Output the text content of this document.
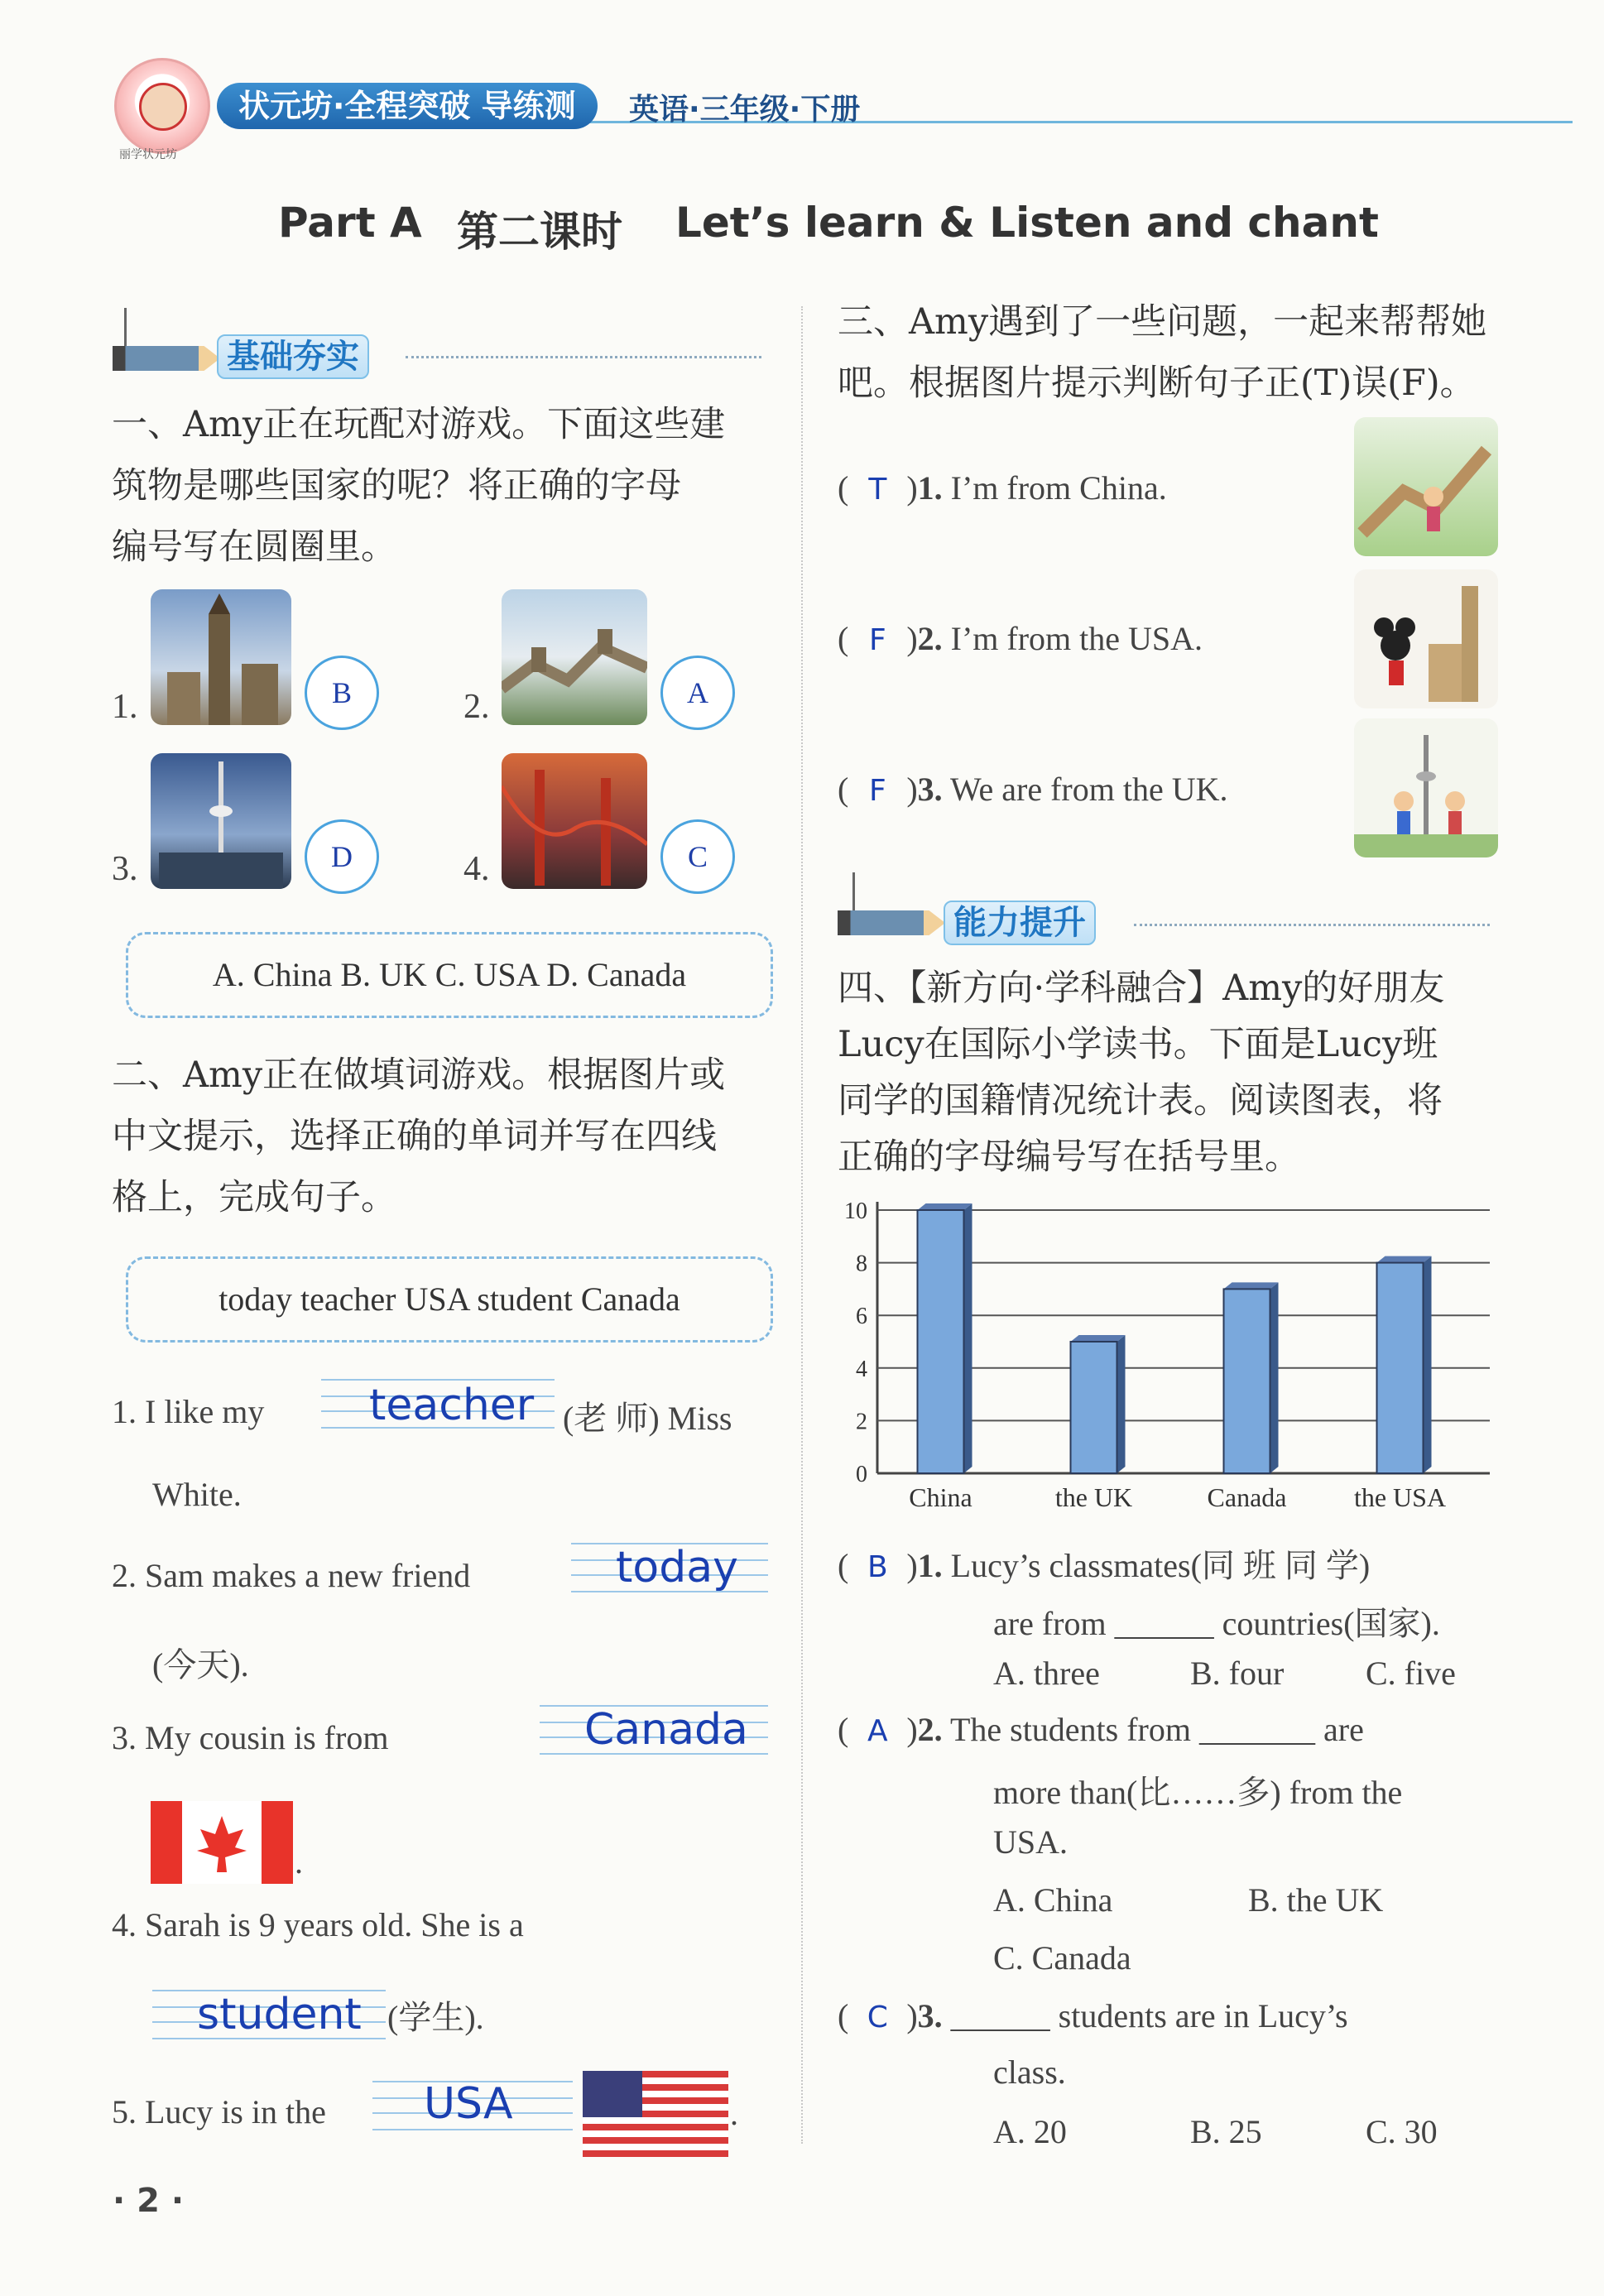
丽学状元坊
状元坊·全程突破 导练测	英语·三年级·下册
Part A 第二课时 Let’s learn & Listen and chant
基础夯实
一、Amy正在玩配对游戏。下面这些建
筑物是哪些国家的呢？将正确的字母
编号写在圆圈里。
1.	B	2.	A
3.	D	4.	C
A. China B. UK C. USA D. Canada
二、Amy正在做填词游戏。根据图片或
中文提示，选择正确的单词并写在四线
格上，完成句子。
today teacher USA student Canada
1. I like my teacher (老 师) Miss
White.
2. Sam makes a new friend	today
(今天).
3. My cousin is from	Canada
.
4. Sarah is 9 years old. She is a
student (学生).
5. Lucy is in the USA	.
三、Amy遇到了一些问题，一起来帮帮她
吧。根据图片提示判断句子正(T)误(F)。
( T )1. I’m from China.
( F )2. I’m from the USA.
( F )3. We are from the UK.
能力提升
四、【新方向·学科融合】Amy的好朋友
Lucy在国际小学读书。下面是Lucy班
同学的国籍情况统计表。阅读图表，将
正确的字母编号写在括号里。
0
2
4
6
8
10
China	the UK	Canada	the USA
( B )1. Lucy’s classmates(同 班 同 学)
are from ______ countries(国家).
A. three	B. four C. five
( A )2. The students from _______ are
more than(比……多) from the
USA.
A. China	B. the UK
C. Canada
( C )3. ______ students are in Lucy’s
class.
A. 20	B. 25	C. 30
· 2 ·
